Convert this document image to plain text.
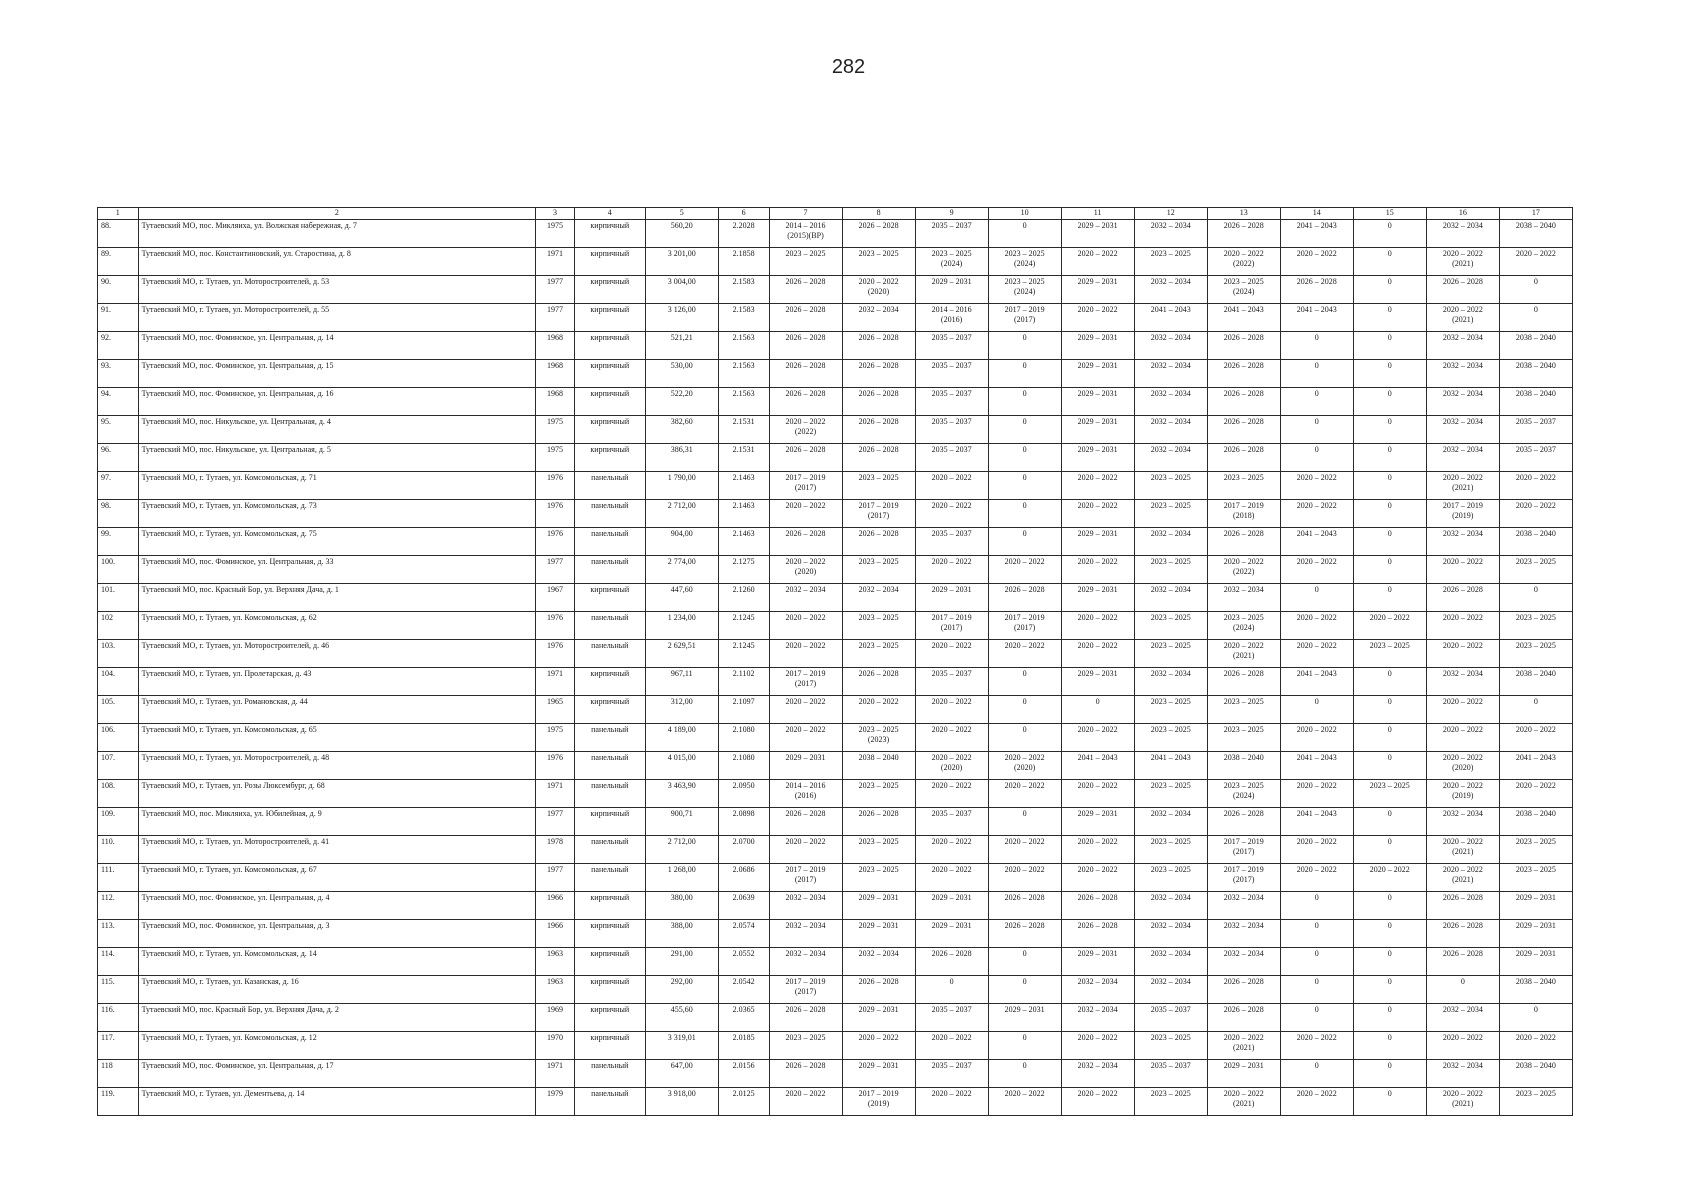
282
1	2	3	4	5	6	7	8	9	10	11	12	13	14	15	16	17

88.	Тутаевский МО, пос. Микляиха, ул. Волжская набережная, д. 7	1975	кирпичный	560,20	2.2028	2014 – 2016
(2015)(ВР)	2026 – 2028	2035 – 2037	0	2029 – 2031	2032 – 2034	2026 – 2028	2041 – 2043	0	2032 – 2034	2038 – 2040

89.	Тутаевский МО, пос. Константиновский, ул. Старостина, д. 8	1971	кирпичный	3 201,00	2.1858	2023 – 2025	2023 – 2025	2023 – 2025
(2024)	2023 – 2025
(2024)	2020 – 2022	2023 – 2025	2020 – 2022
(2022)	2020 – 2022	0	2020 – 2022
(2021)	2020 – 2022

90.	Тутаевский МО, г. Тутаев, ул. Моторостроителей, д. 53	1977	кирпичный	3 004,00	2.1583	2026 – 2028	2020 – 2022
(2020)	2029 – 2031	2023 – 2025
(2024)	2029 – 2031	2032 – 2034	2023 – 2025
(2024)	2026 – 2028	0	2026 – 2028	0

91.	Тутаевский МО, г. Тутаев, ул. Моторостроителей, д. 55	1977	кирпичный	3 126,00	2.1583	2026 – 2028	2032 – 2034	2014 – 2016
(2016)	2017 – 2019
(2017)	2020 – 2022	2041 – 2043	2041 – 2043	2041 – 2043	0	2020 – 2022
(2021)	0

92.	Тутаевский МО, пос. Фоминское, ул. Центральная, д. 14	1968	кирпичный	521,21	2.1563	2026 – 2028	2026 – 2028	2035 – 2037	0	2029 – 2031	2032 – 2034	2026 – 2028	0	0	2032 – 2034	2038 – 2040

93.	Тутаевский МО, пос. Фоминское, ул. Центральная, д. 15	1968	кирпичный	530,00	2.1563	2026 – 2028	2026 – 2028	2035 – 2037	0	2029 – 2031	2032 – 2034	2026 – 2028	0	0	2032 – 2034	2038 – 2040

94.	Тутаевский МО, пос. Фоминское, ул. Центральная, д. 16	1968	кирпичный	522,20	2.1563	2026 – 2028	2026 – 2028	2035 – 2037	0	2029 – 2031	2032 – 2034	2026 – 2028	0	0	2032 – 2034	2038 – 2040

95.	Тутаевский МО, пос. Никульское, ул. Центральная, д. 4	1975	кирпичный	382,60	2.1531	2020 – 2022
(2022)	2026 – 2028	2035 – 2037	0	2029 – 2031	2032 – 2034	2026 – 2028	0	0	2032 – 2034	2035 – 2037

96.	Тутаевский МО, пос. Никульское, ул. Центральная, д. 5	1975	кирпичный	386,31	2.1531	2026 – 2028	2026 – 2028	2035 – 2037	0	2029 – 2031	2032 – 2034	2026 – 2028	0	0	2032 – 2034	2035 – 2037

97.	Тутаевский МО, г. Тутаев, ул. Комсомольская, д. 71	1976	панельный	1 790,00	2.1463	2017 – 2019
(2017)	2023 – 2025	2020 – 2022	0	2020 – 2022	2023 – 2025	2023 – 2025	2020 – 2022	0	2020 – 2022
(2021)	2020 – 2022

98.	Тутаевский МО, г. Тутаев, ул. Комсомольская, д. 73	1976	панельный	2 712,00	2.1463	2020 – 2022	2017 – 2019
(2017)	2020 – 2022	0	2020 – 2022	2023 – 2025	2017 – 2019
(2018)	2020 – 2022	0	2017 – 2019
(2019)	2020 – 2022

99.	Тутаевский МО, г. Тутаев, ул. Комсомольская, д. 75	1976	панельный	904,00	2.1463	2026 – 2028	2026 – 2028	2035 – 2037	0	2029 – 2031	2032 – 2034	2026 – 2028	2041 – 2043	0	2032 – 2034	2038 – 2040

100.	Тутаевский МО, пос. Фоминское, ул. Центральная, д. 33	1977	панельный	2 774,00	2.1275	2020 – 2022
(2020)	2023 – 2025	2020 – 2022	2020 – 2022	2020 – 2022	2023 – 2025	2020 – 2022
(2022)	2020 – 2022	0	2020 – 2022	2023 – 2025

101.	Тутаевский МО, пос. Красный Бор, ул. Верхняя Дача, д. 1	1967	кирпичный	447,60	2.1260	2032 – 2034	2032 – 2034	2029 – 2031	2026 – 2028	2029 – 2031	2032 – 2034	2032 – 2034	0	0	2026 – 2028	0

102	Тутаевский МО, г. Тутаев, ул. Комсомольская, д. 62	1976	панельный	1 234,00	2.1245	2020 – 2022	2023 – 2025	2017 – 2019
(2017)	2017 – 2019
(2017)	2020 – 2022	2023 – 2025	2023 – 2025
(2024)	2020 – 2022	2020 – 2022	2020 – 2022	2023 – 2025

103.	Тутаевский МО, г. Тутаев, ул. Моторостроителей, д. 46	1976	панельный	2 629,51	2.1245	2020 – 2022	2023 – 2025	2020 – 2022	2020 – 2022	2020 – 2022	2023 – 2025	2020 – 2022
(2021)	2020 – 2022	2023 – 2025	2020 – 2022	2023 – 2025

104.	Тутаевский МО, г. Тутаев, ул. Пролетарская, д. 43	1971	кирпичный	967,11	2.1102	2017 – 2019
(2017)	2026 – 2028	2035 – 2037	0	2029 – 2031	2032 – 2034	2026 – 2028	2041 – 2043	0	2032 – 2034	2038 – 2040

105.	Тутаевский МО, г. Тутаев, ул. Романовская, д. 44	1965	кирпичный	312,00	2.1097	2020 – 2022	2020 – 2022	2020 – 2022	0	0	2023 – 2025	2023 – 2025	0	0	2020 – 2022	0

106.	Тутаевский МО, г. Тутаев, ул. Комсомольская, д. 65	1975	панельный	4 189,00	2.1080	2020 – 2022	2023 – 2025
(2023)	2020 – 2022	0	2020 – 2022	2023 – 2025	2023 – 2025	2020 – 2022	0	2020 – 2022	2020 – 2022

107.	Тутаевский МО, г. Тутаев, ул. Моторостроителей, д. 48	1976	панельный	4 015,00	2.1080	2029 – 2031	2038 – 2040	2020 – 2022
(2020)	2020 – 2022
(2020)	2041 – 2043	2041 – 2043	2038 – 2040	2041 – 2043	0	2020 – 2022
(2020)	2041 – 2043

108.	Тутаевский МО, г. Тутаев, ул. Розы Люксембург, д. 68	1971	панельный	3 463,90	2.0950	2014 – 2016
(2016)	2023 – 2025	2020 – 2022	2020 – 2022	2020 – 2022	2023 – 2025	2023 – 2025
(2024)	2020 – 2022	2023 – 2025	2020 – 2022
(2019)	2020 – 2022

109.	Тутаевский МО, пос. Микляиха, ул. Юбилейная, д. 9	1977	кирпичный	900,71	2.0898	2026 – 2028	2026 – 2028	2035 – 2037	0	2029 – 2031	2032 – 2034	2026 – 2028	2041 – 2043	0	2032 – 2034	2038 – 2040

110.	Тутаевский МО, г. Тутаев, ул. Моторостроителей, д. 41	1978	панельный	2 712,00	2.0700	2020 – 2022	2023 – 2025	2020 – 2022	2020 – 2022	2020 – 2022	2023 – 2025	2017 – 2019
(2017)	2020 – 2022	0	2020 – 2022
(2021)	2023 – 2025

111.	Тутаевский МО, г. Тутаев, ул. Комсомольская, д. 67	1977	панельный	1 268,00	2.0686	2017 – 2019
(2017)	2023 – 2025	2020 – 2022	2020 – 2022	2020 – 2022	2023 – 2025	2017 – 2019
(2017)	2020 – 2022	2020 – 2022	2020 – 2022
(2021)	2023 – 2025

112.	Тутаевский МО, пос. Фоминское, ул. Центральная, д. 4	1966	кирпичный	380,00	2.0639	2032 – 2034	2029 – 2031	2029 – 2031	2026 – 2028	2026 – 2028	2032 – 2034	2032 – 2034	0	0	2026 – 2028	2029 – 2031

113.	Тутаевский МО, пос. Фоминское, ул. Центральная, д. 3	1966	кирпичный	388,00	2.0574	2032 – 2034	2029 – 2031	2029 – 2031	2026 – 2028	2026 – 2028	2032 – 2034	2032 – 2034	0	0	2026 – 2028	2029 – 2031

114.	Тутаевский МО, г. Тутаев, ул. Комсомольская, д. 14	1963	кирпичный	291,00	2.0552	2032 – 2034	2032 – 2034	2026 – 2028	0	2029 – 2031	2032 – 2034	2032 – 2034	0	0	2026 – 2028	2029 – 2031

115.	Тутаевский МО, г. Тутаев, ул. Казанская, д. 16	1963	кирпичный	292,00	2.0542	2017 – 2019
(2017)	2026 – 2028	0	0	2032 – 2034	2032 – 2034	2026 – 2028	0	0	0	2038 – 2040

116.	Тутаевский МО, пос. Красный Бор, ул. Верхняя Дача, д. 2	1969	кирпичный	455,60	2.0365	2026 – 2028	2029 – 2031	2035 – 2037	2029 – 2031	2032 – 2034	2035 – 2037	2026 – 2028	0	0	2032 – 2034	0

117.	Тутаевский МО, г. Тутаев, ул. Комсомольская, д. 12	1970	кирпичный	3 319,01	2.0185	2023 – 2025	2020 – 2022	2020 – 2022	0	2020 – 2022	2023 – 2025	2020 – 2022
(2021)	2020 – 2022	0	2020 – 2022	2020 – 2022

118	Тутаевский МО, пос. Фоминское, ул. Центральная, д. 17	1971	панельный	647,00	2.0156	2026 – 2028	2029 – 2031	2035 – 2037	0	2032 – 2034	2035 – 2037	2029 – 2031	0	0	2032 – 2034	2038 – 2040

119.	Тутаевский МО, г. Тутаев, ул. Дементьева, д. 14	1979	панельный	3 918,00	2.0125	2020 – 2022	2017 – 2019
(2019)	2020 – 2022	2020 – 2022	2020 – 2022	2023 – 2025	2020 – 2022
(2021)	2020 – 2022	0	2020 – 2022
(2021)	2023 – 2025
